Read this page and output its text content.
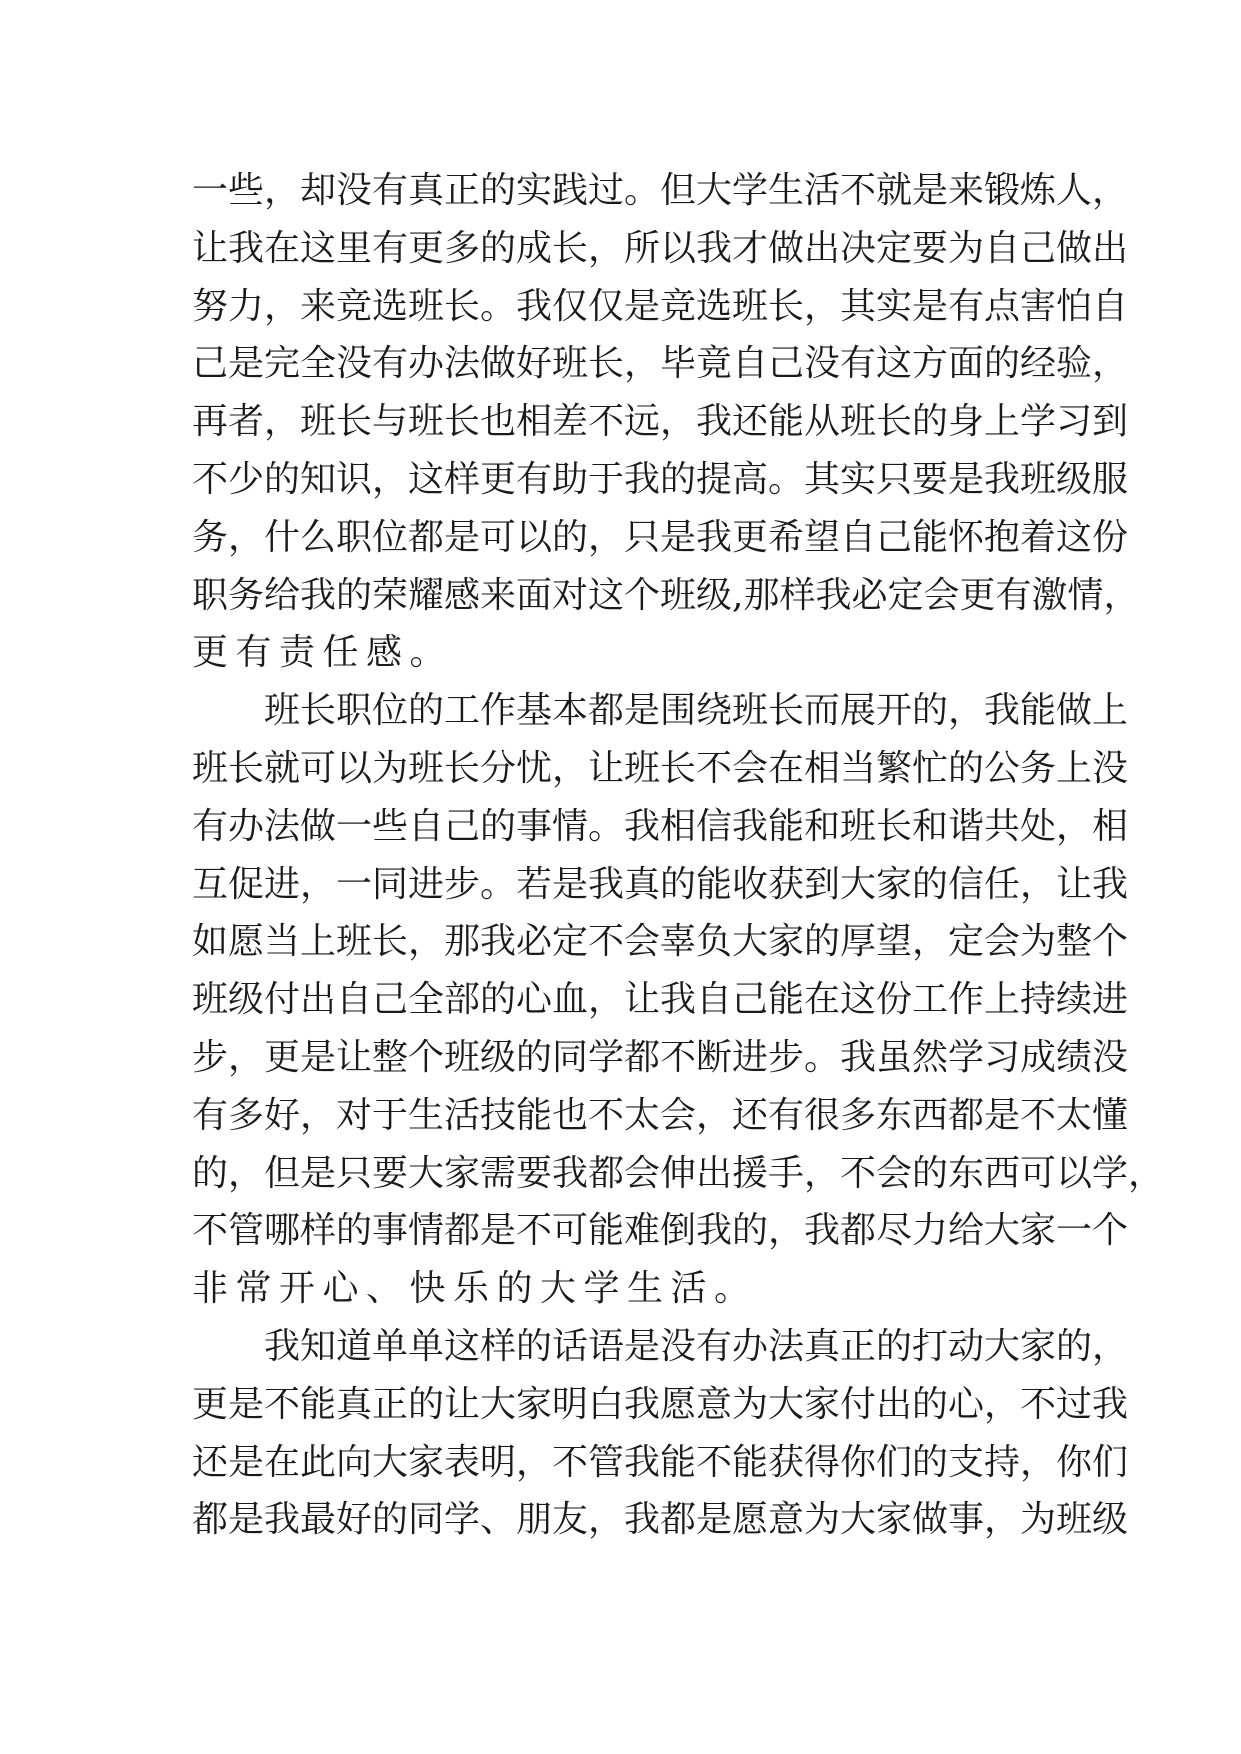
一些，却没有真正的实践过。但大学生活不就是来锻炼人，
让我在这里有更多的成长，所以我才做出决定要为自己做出
努力，来竞选班长。我仅仅是竞选班长，其实是有点害怕自
己是完全没有办法做好班长，毕竟自己没有这方面的经验，
再者，班长与班长也相差不远，我还能从班长的身上学习到
不少的知识，这样更有助于我的提高。其实只要是我班级服
务，什么职位都是可以的，只是我更希望自己能怀抱着这份
职务给我的荣耀感来面对这个班级,那样我必定会更有激情，
更有责任感。
班长职位的工作基本都是围绕班长而展开的，我能做上
班长就可以为班长分忧，让班长不会在相当繁忙的公务上没
有办法做一些自己的事情。我相信我能和班长和谐共处，相
互促进，一同进步。若是我真的能收获到大家的信任，让我
如愿当上班长，那我必定不会辜负大家的厚望，定会为整个
班级付出自己全部的心血，让我自己能在这份工作上持续进
步，更是让整个班级的同学都不断进步。我虽然学习成绩没
有多好，对于生活技能也不太会，还有很多东西都是不太懂
的，但是只要大家需要我都会伸出援手，不会的东西可以学，
不管哪样的事情都是不可能难倒我的，我都尽力给大家一个
非常开心、快乐的大学生活。
我知道单单这样的话语是没有办法真正的打动大家的，
更是不能真正的让大家明白我愿意为大家付出的心，不过我
还是在此向大家表明，不管我能不能获得你们的支持，你们
都是我最好的同学、朋友，我都是愿意为大家做事，为班级
